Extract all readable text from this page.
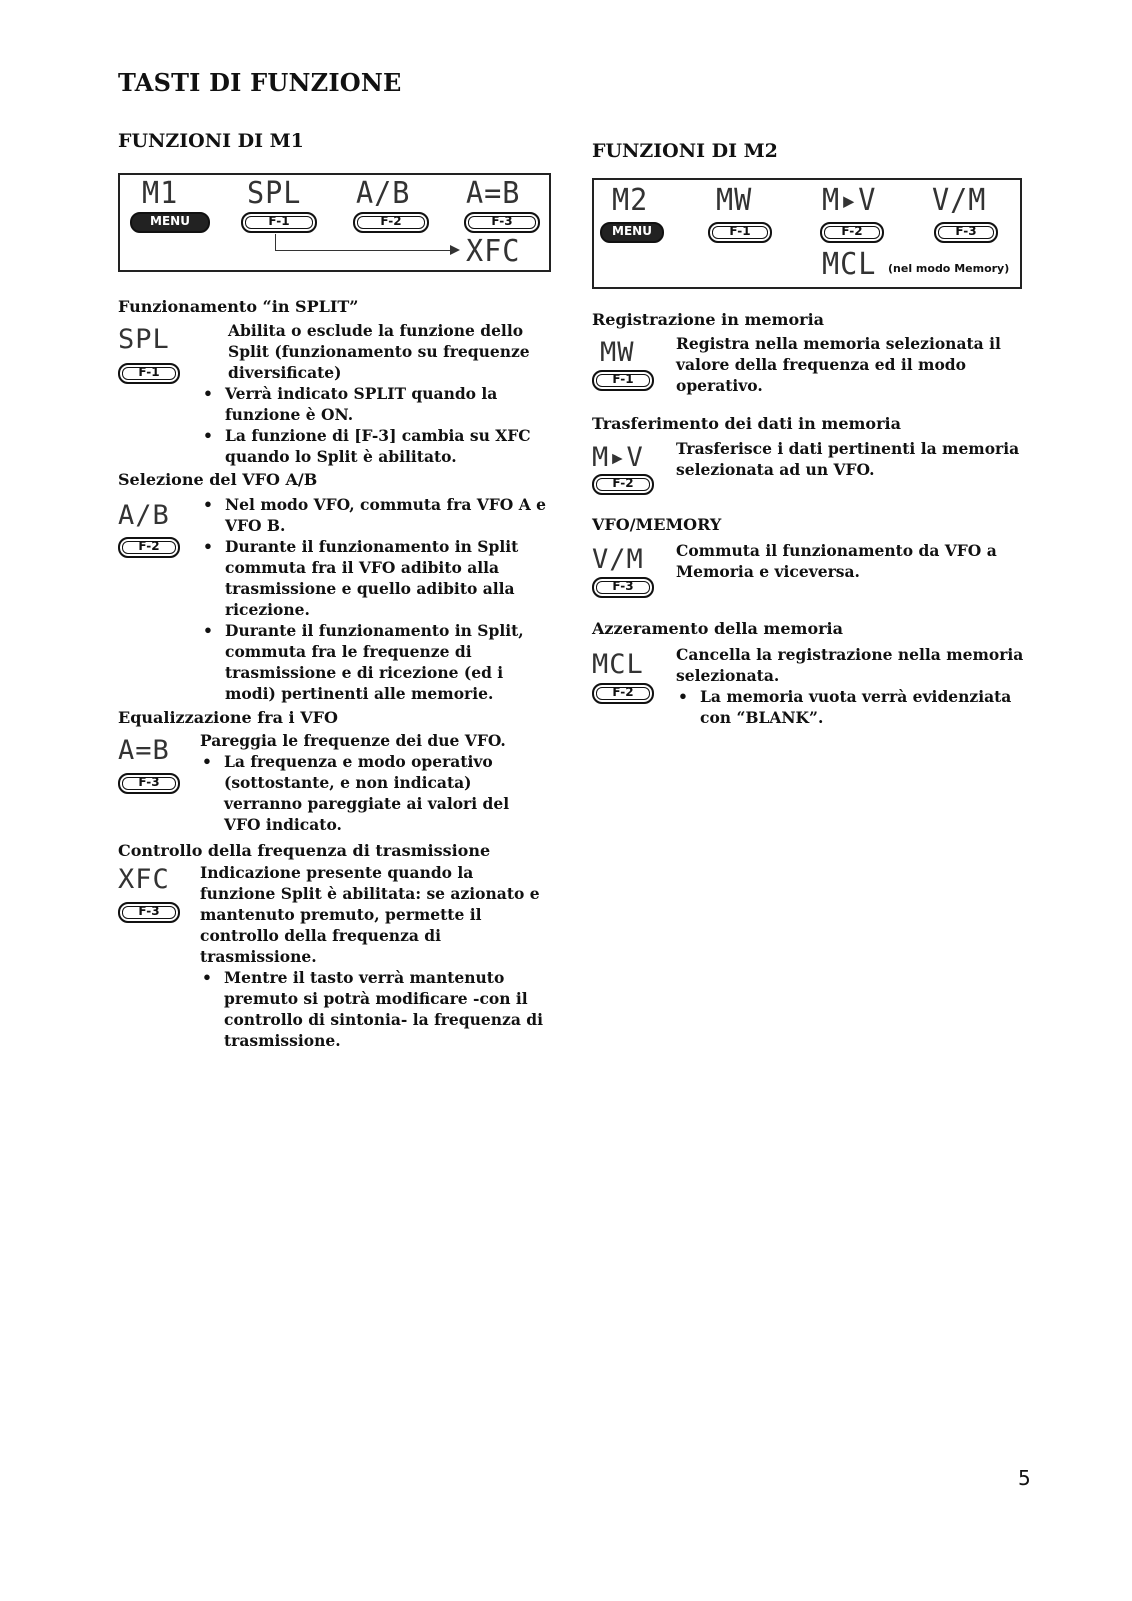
TASTI DI FUNZIONE
FUNZIONI DI M1
M1 SPL A/B A=B
MENU	F-1	F-2	F-3
XFC
Funzionamento “in SPLIT”
SPL
F-1

Abilita o esclude la funzione dello Split (funzionamento su frequenze diversificate)

• Verrà indicato SPLIT quando la funzione è ON.

• La funzione di [F-3] cambia su XFC quando lo Split è abilitato.

Selezione del VFO A/B
A/B
F-2

• Nel modo VFO, commuta fra VFO A e VFO B.

• Durante il funzionamento in Split commuta fra il VFO adibito alla trasmissione e quello adibito alla ricezione.

• Durante il funzionamento in Split, commuta fra le frequenze di trasmissione e di ricezione (ed i modi) pertinenti alle memorie.

Equalizzazione fra i VFO
A=B
F-3

Pareggia le frequenze dei due VFO.

• La frequenza e modo operativo (sottostante, e non indicata) verranno pareggiate ai valori del VFO indicato.

Controllo della frequenza di trasmissione
XFC
F-3

Indicazione presente quando la funzione Split è abilitata: se azionato e mantenuto premuto, permette il controllo della frequenza di trasmissione.

• Mentre il tasto verrà mantenuto premuto si potrà modificare -con il controllo di sintonia- la frequenza di trasmissione.

FUNZIONI DI M2
M2 MW M▸V V/M
MENU	F-1	F-2	F-3
MCL (nel modo Memory)
Registrazione in memoria
MW
F-1

Registra nella memoria selezionata il valore della frequenza ed il modo operativo.

Trasferimento dei dati in memoria
M▸V
F-2

Trasferisce i dati pertinenti la memoria selezionata ad un VFO.

VFO/MEMORY
V/M
F-3

Commuta il funzionamento da VFO a Memoria e viceversa.

Azzeramento della memoria
MCL
F-2

Cancella la registrazione nella memoria selezionata.

• La memoria vuota verrà evidenziata con “BLANK”.

5
